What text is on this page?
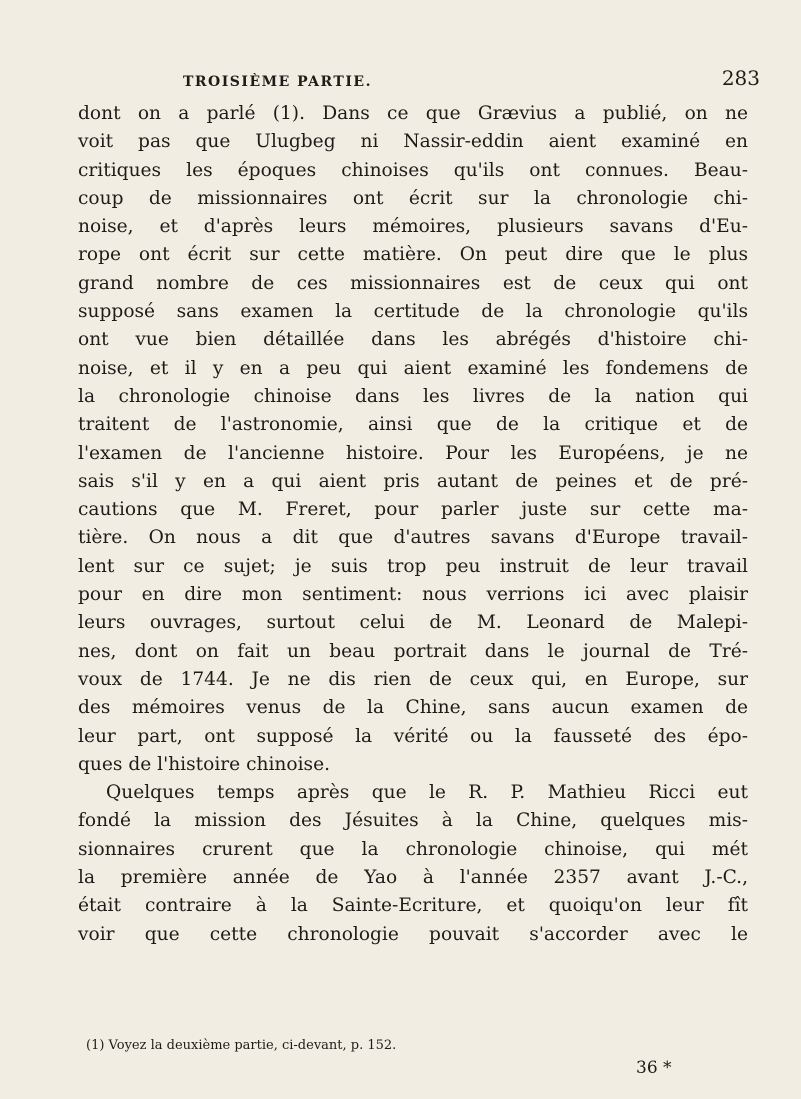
TROISIÈME PARTIE.	283
dont on a parlé (1). Dans ce que Grævius a publié, on ne
voit pas que Ulugbeg ni Nassir-eddin aient examiné en
critiques les époques chinoises qu'ils ont connues. Beau-
coup de missionnaires ont écrit sur la chronologie chi-
noise, et d'après leurs mémoires, plusieurs savans d'Eu-
rope ont écrit sur cette matière. On peut dire que le plus
grand nombre de ces missionnaires est de ceux qui ont
supposé sans examen la certitude de la chronologie qu'ils
ont vue bien détaillée dans les abrégés d'histoire chi-
noise, et il y en a peu qui aient examiné les fondemens de
la chronologie chinoise dans les livres de la nation qui
traitent de l'astronomie, ainsi que de la critique et de
l'examen de l'ancienne histoire. Pour les Européens, je ne
sais s'il y en a qui aient pris autant de peines et de pré-
cautions que M. Freret, pour parler juste sur cette ma-
tière. On nous a dit que d'autres savans d'Europe travail-
lent sur ce sujet; je suis trop peu instruit de leur travail
pour en dire mon sentiment: nous verrions ici avec plaisir
leurs ouvrages, surtout celui de M. Leonard de Malepi-
nes, dont on fait un beau portrait dans le journal de Tré-
voux de 1744. Je ne dis rien de ceux qui, en Europe, sur
des mémoires venus de la Chine, sans aucun examen de
leur part, ont supposé la vérité ou la fausseté des épo-
ques de l'histoire chinoise.
Quelques temps après que le R. P. Mathieu Ricci eut
fondé la mission des Jésuites à la Chine, quelques mis-
sionnaires crurent que la chronologie chinoise, qui mét
la première année de Yao à l'année 2357 avant J.-C.,
était contraire à la Sainte-Ecriture, et quoiqu'on leur fît
voir que cette chronologie pouvait s'accorder avec le
(1) Voyez la deuxième partie, ci-devant, p. 152.
36 *
